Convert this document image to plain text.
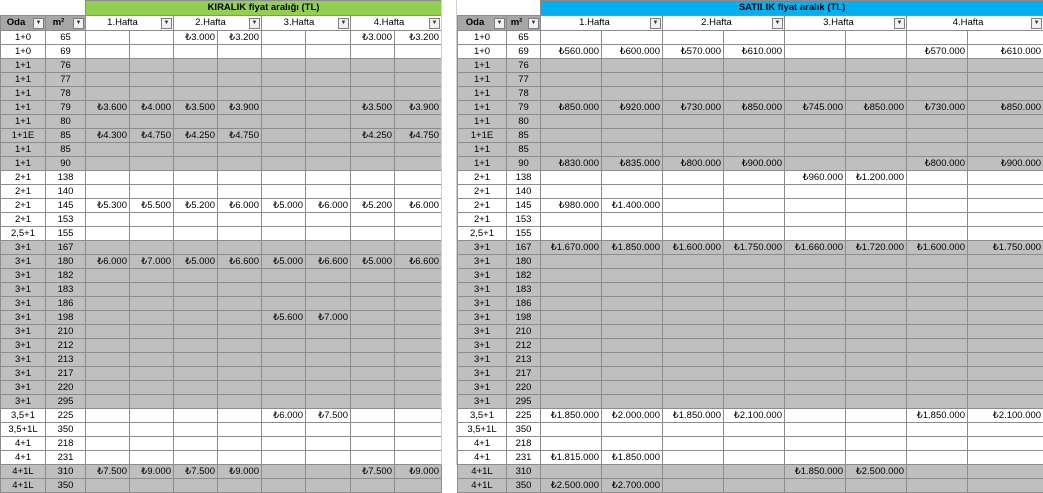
		KIRALIK fiyat aralığı (TL)							
Oda ▼	m² ▼	1.Hafta ▼		2.Hafta ▼		3.Hafta ▼		4.Hafta ▼	

1+0	65			₺3.000	₺3.200			₺3.000	₺3.200
1+0	69								
1+1	76								
1+1	77								
1+1	78								
1+1	79	₺3.600	₺4.000	₺3.500	₺3.900			₺3.500	₺3.900
1+1	80								
1+1E	85	₺4.300	₺4.750	₺4.250	₺4.750			₺4.250	₺4.750
1+1	85								
1+1	90								
2+1	138								
2+1	140								
2+1	145	₺5.300	₺5.500	₺5.200	₺6.000	₺5.000	₺6.000	₺5.200	₺6.000
2+1	153								
2,5+1	155								
3+1	167								
3+1	180	₺6.000	₺7.000	₺5.000	₺6.600	₺5.000	₺6.600	₺5.000	₺6.600
3+1	182								
3+1	183								
3+1	186								
3+1	198					₺5.600	₺7.000		
3+1	210								
3+1	212								
3+1	213								
3+1	217								
3+1	220								
3+1	295								
3,5+1	225					₺6.000	₺7.500		
3,5+1L	350								
4+1	218								
4+1	231								
4+1L	310	₺7.500	₺9.000	₺7.500	₺9.000			₺7.500	₺9.000
4+1L	350								
		SATILIK fiyat aralık (TL)							
Oda ▼	m² ▼	1.Hafta ▼		2.Hafta ▼		3.Hafta ▼		4.Hafta ▼	

1+0	65								
1+0	69	₺560.000	₺600.000	₺570.000	₺610.000			₺570.000	₺610.000
1+1	76								
1+1	77								
1+1	78								
1+1	79	₺850.000	₺920.000	₺730.000	₺850.000	₺745.000	₺850.000	₺730.000	₺850.000
1+1	80								
1+1E	85								
1+1	85								
1+1	90	₺830.000	₺835.000	₺800.000	₺900.000			₺800.000	₺900.000
2+1	138					₺960.000	₺1.200.000		
2+1	140								
2+1	145	₺980.000	₺1.400.000						
2+1	153								
2,5+1	155								
3+1	167	₺1.670.000	₺1.850.000	₺1.600.000	₺1.750.000	₺1.660.000	₺1.720.000	₺1.600.000	₺1.750.000
3+1	180								
3+1	182								
3+1	183								
3+1	186								
3+1	198								
3+1	210								
3+1	212								
3+1	213								
3+1	217								
3+1	220								
3+1	295								
3,5+1	225	₺1.850.000	₺2.000.000	₺1.850.000	₺2.100.000			₺1.850.000	₺2.100.000
3,5+1L	350								
4+1	218								
4+1	231	₺1.815.000	₺1.850.000						
4+1L	310					₺1.850.000	₺2.500.000		
4+1L	350	₺2.500.000	₺2.700.000						
